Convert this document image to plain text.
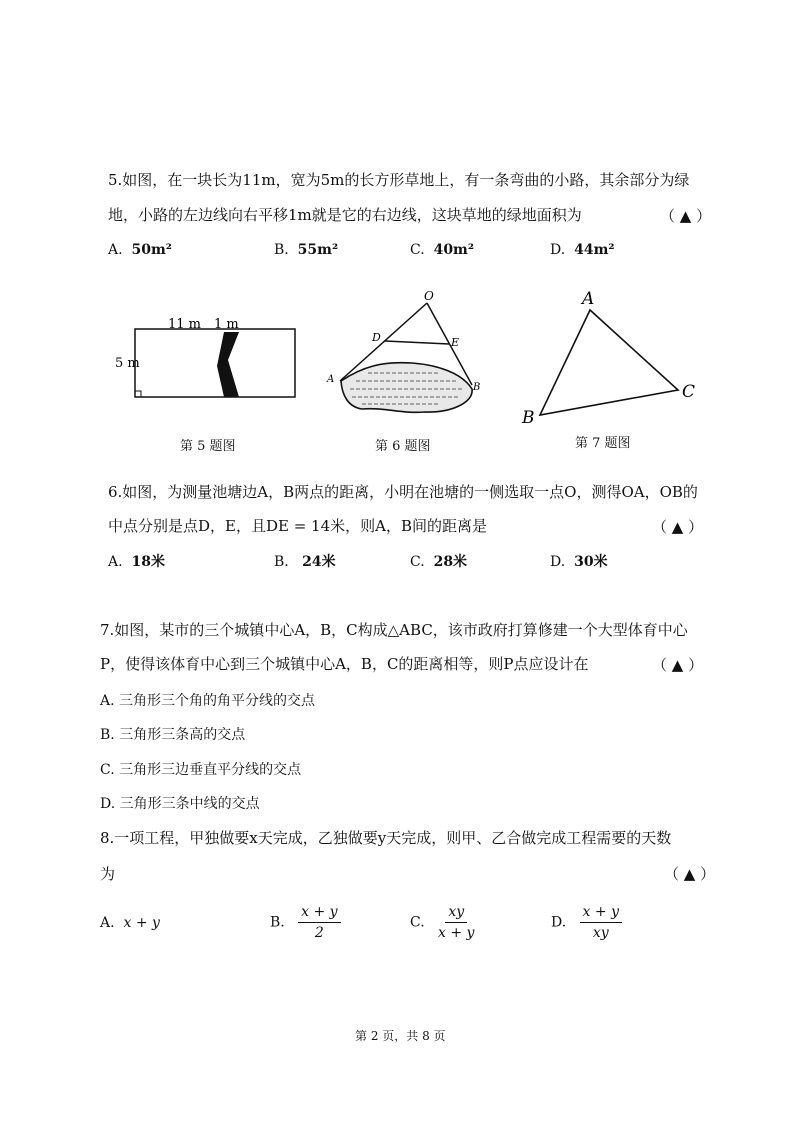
5.如图，在一块长为11m，宽为5m的长方形草地上，有一条弯曲的小路，其余部分为绿
地，小路的左边线向右平移1m就是它的右边线，这块草地的绿地面积为	（ ▲ ）
A. 50m²	B. 55m²	C. 40m²	D. 44m²
11 m 1 m
5 m
O
D	E
A
B
A
B
C
第 5 题图	第 6 题图	第 7 题图
6.如图，为测量池塘边A，B两点的距离，小明在池塘的一侧选取一点O，测得OA，OB的
中点分别是点D，E，且DE = 14米，则A，B间的距离是	（ ▲ ）
A. 18米	B. 24米	C. 28米	D. 30米
7.如图，某市的三个城镇中心A，B，C构成△ABC，该市政府打算修建一个大型体育中心
P，使得该体育中心到三个城镇中心A，B，C的距离相等，则P点应设计在	（ ▲ ）
A. 三角形三个角的角平分线的交点
B. 三角形三条高的交点
C. 三角形三边垂直平分线的交点
D. 三角形三条中线的交点
8.一项工程，甲独做要x天完成，乙独做要y天完成，则甲、乙合做完成工程需要的天数
为	（ ▲ ）
A. x + y	B. $\frac{x + y}{2}$	C. $\frac{xy}{x + y}$	D. $\frac{x + y}{xy}$
第 2 页，共 8 页
